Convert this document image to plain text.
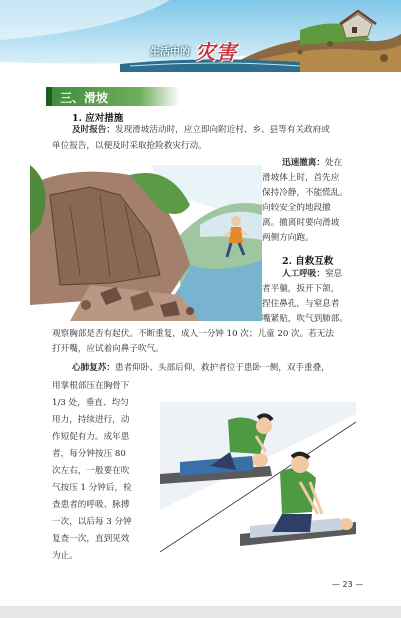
生活中的 灾害
三、滑坡
1. 应对措施
及时报告：发现滑坡活动时，应立即向附近村、乡、县等有关政府或
单位报告，以便及时采取抢险救灾行动。
迅速撤离：处在
滑坡体上时，首先应
保持冷静，不能慌乱。
向较安全的地段撤
离。撤离时要向滑坡
两侧方向跑。
2. 自救互救
人工呼吸：窒息
者平躺，扳开下颌，
捏住鼻孔，与窒息者
嘴紧贴，吹气到肺部。
观察胸部是否有起伏。不断重复，成人一分钟 10 次；儿童 20 次。若无法
打开嘴，应试着向鼻子吹气。
心肺复苏：患者仰卧、头部后仰，救护者位于患卧一侧，双手重叠，
用掌根部压在胸骨下
1/3 处，垂直、均匀
用力，持续进行，动
作短促有力。成年患
者，每分钟按压 80
次左右，一般要在吹
气按压 1 分钟后，检
查患者的呼吸、脉搏
一次，以后每 3 分钟
复查一次，直到见效
为止。
— 23 —
